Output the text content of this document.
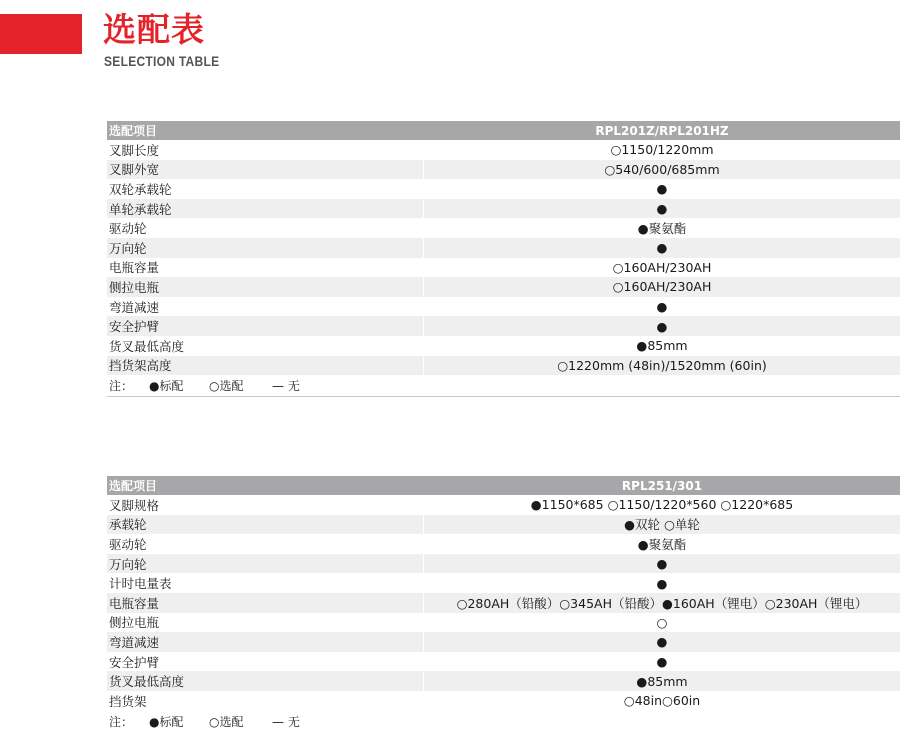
选配表
SELECTION TABLE
选配项目	RPL201Z/RPL201HZ
叉脚长度	○1150/1220mm
叉脚外宽	○540/600/685mm
双轮承载轮	●
单轮承载轮	●
驱动轮	●聚氨酯
万向轮	●
电瓶容量	○160AH/230AH
侧拉电瓶	○160AH/230AH
弯道减速	●
安全护臂	●
货叉最低高度	●85mm
挡货架高度	○1220mm (48in)/1520mm (60in)
注：	●标配	○选配	— 无
选配项目	RPL251/301
叉脚规格	●1150*685 ○1150/1220*560 ○1220*685
承载轮	●双轮 ○单轮
驱动轮	●聚氨酯
万向轮	●
计时电量表	●
电瓶容量	○280AH（铅酸）○345AH（铅酸）●160AH（锂电）○230AH（锂电）
侧拉电瓶	○
弯道减速	●
安全护臂	●
货叉最低高度	●85mm
挡货架	○48in○60in
注：	●标配	○选配	— 无
